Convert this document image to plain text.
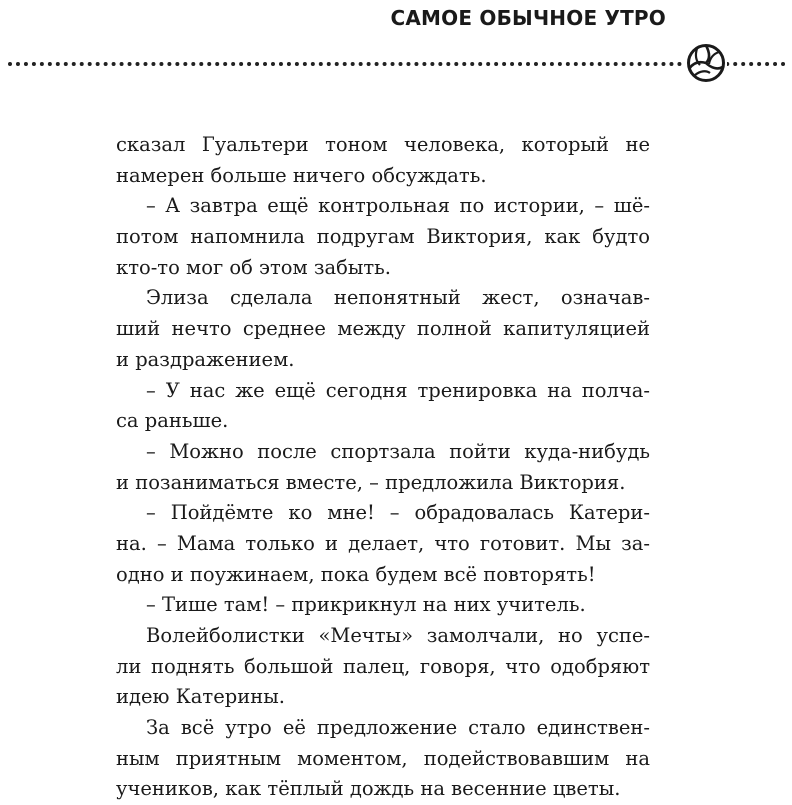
САМОЕ ОБЫЧНОЕ УТРО
сказал Гуальтери тоном человека, который не
намерен больше ничего обсуждать.
– А завтра ещё контрольная по истории, – шё-
потом напомнила подругам Виктория, как будто
кто-то мог об этом забыть.
Элиза сделала непонятный жест, означав-
ший нечто среднее между полной капитуляцией
и раздражением.
– У нас же ещё сегодня тренировка на полча-
са раньше.
– Можно после спортзала пойти куда-нибудь
и позаниматься вместе, – предложила Виктория.
– Пойдёмте ко мне! – обрадовалась Катери-
на. – Мама только и делает, что готовит. Мы за-
одно и поужинаем, пока будем всё повторять!
– Тише там! – прикрикнул на них учитель.
Волейболистки «Мечты» замолчали, но успе-
ли поднять большой палец, говоря, что одобряют
идею Катерины.
За всё утро её предложение стало единствен-
ным приятным моментом, подействовавшим на
учеников, как тёплый дождь на весенние цветы.
